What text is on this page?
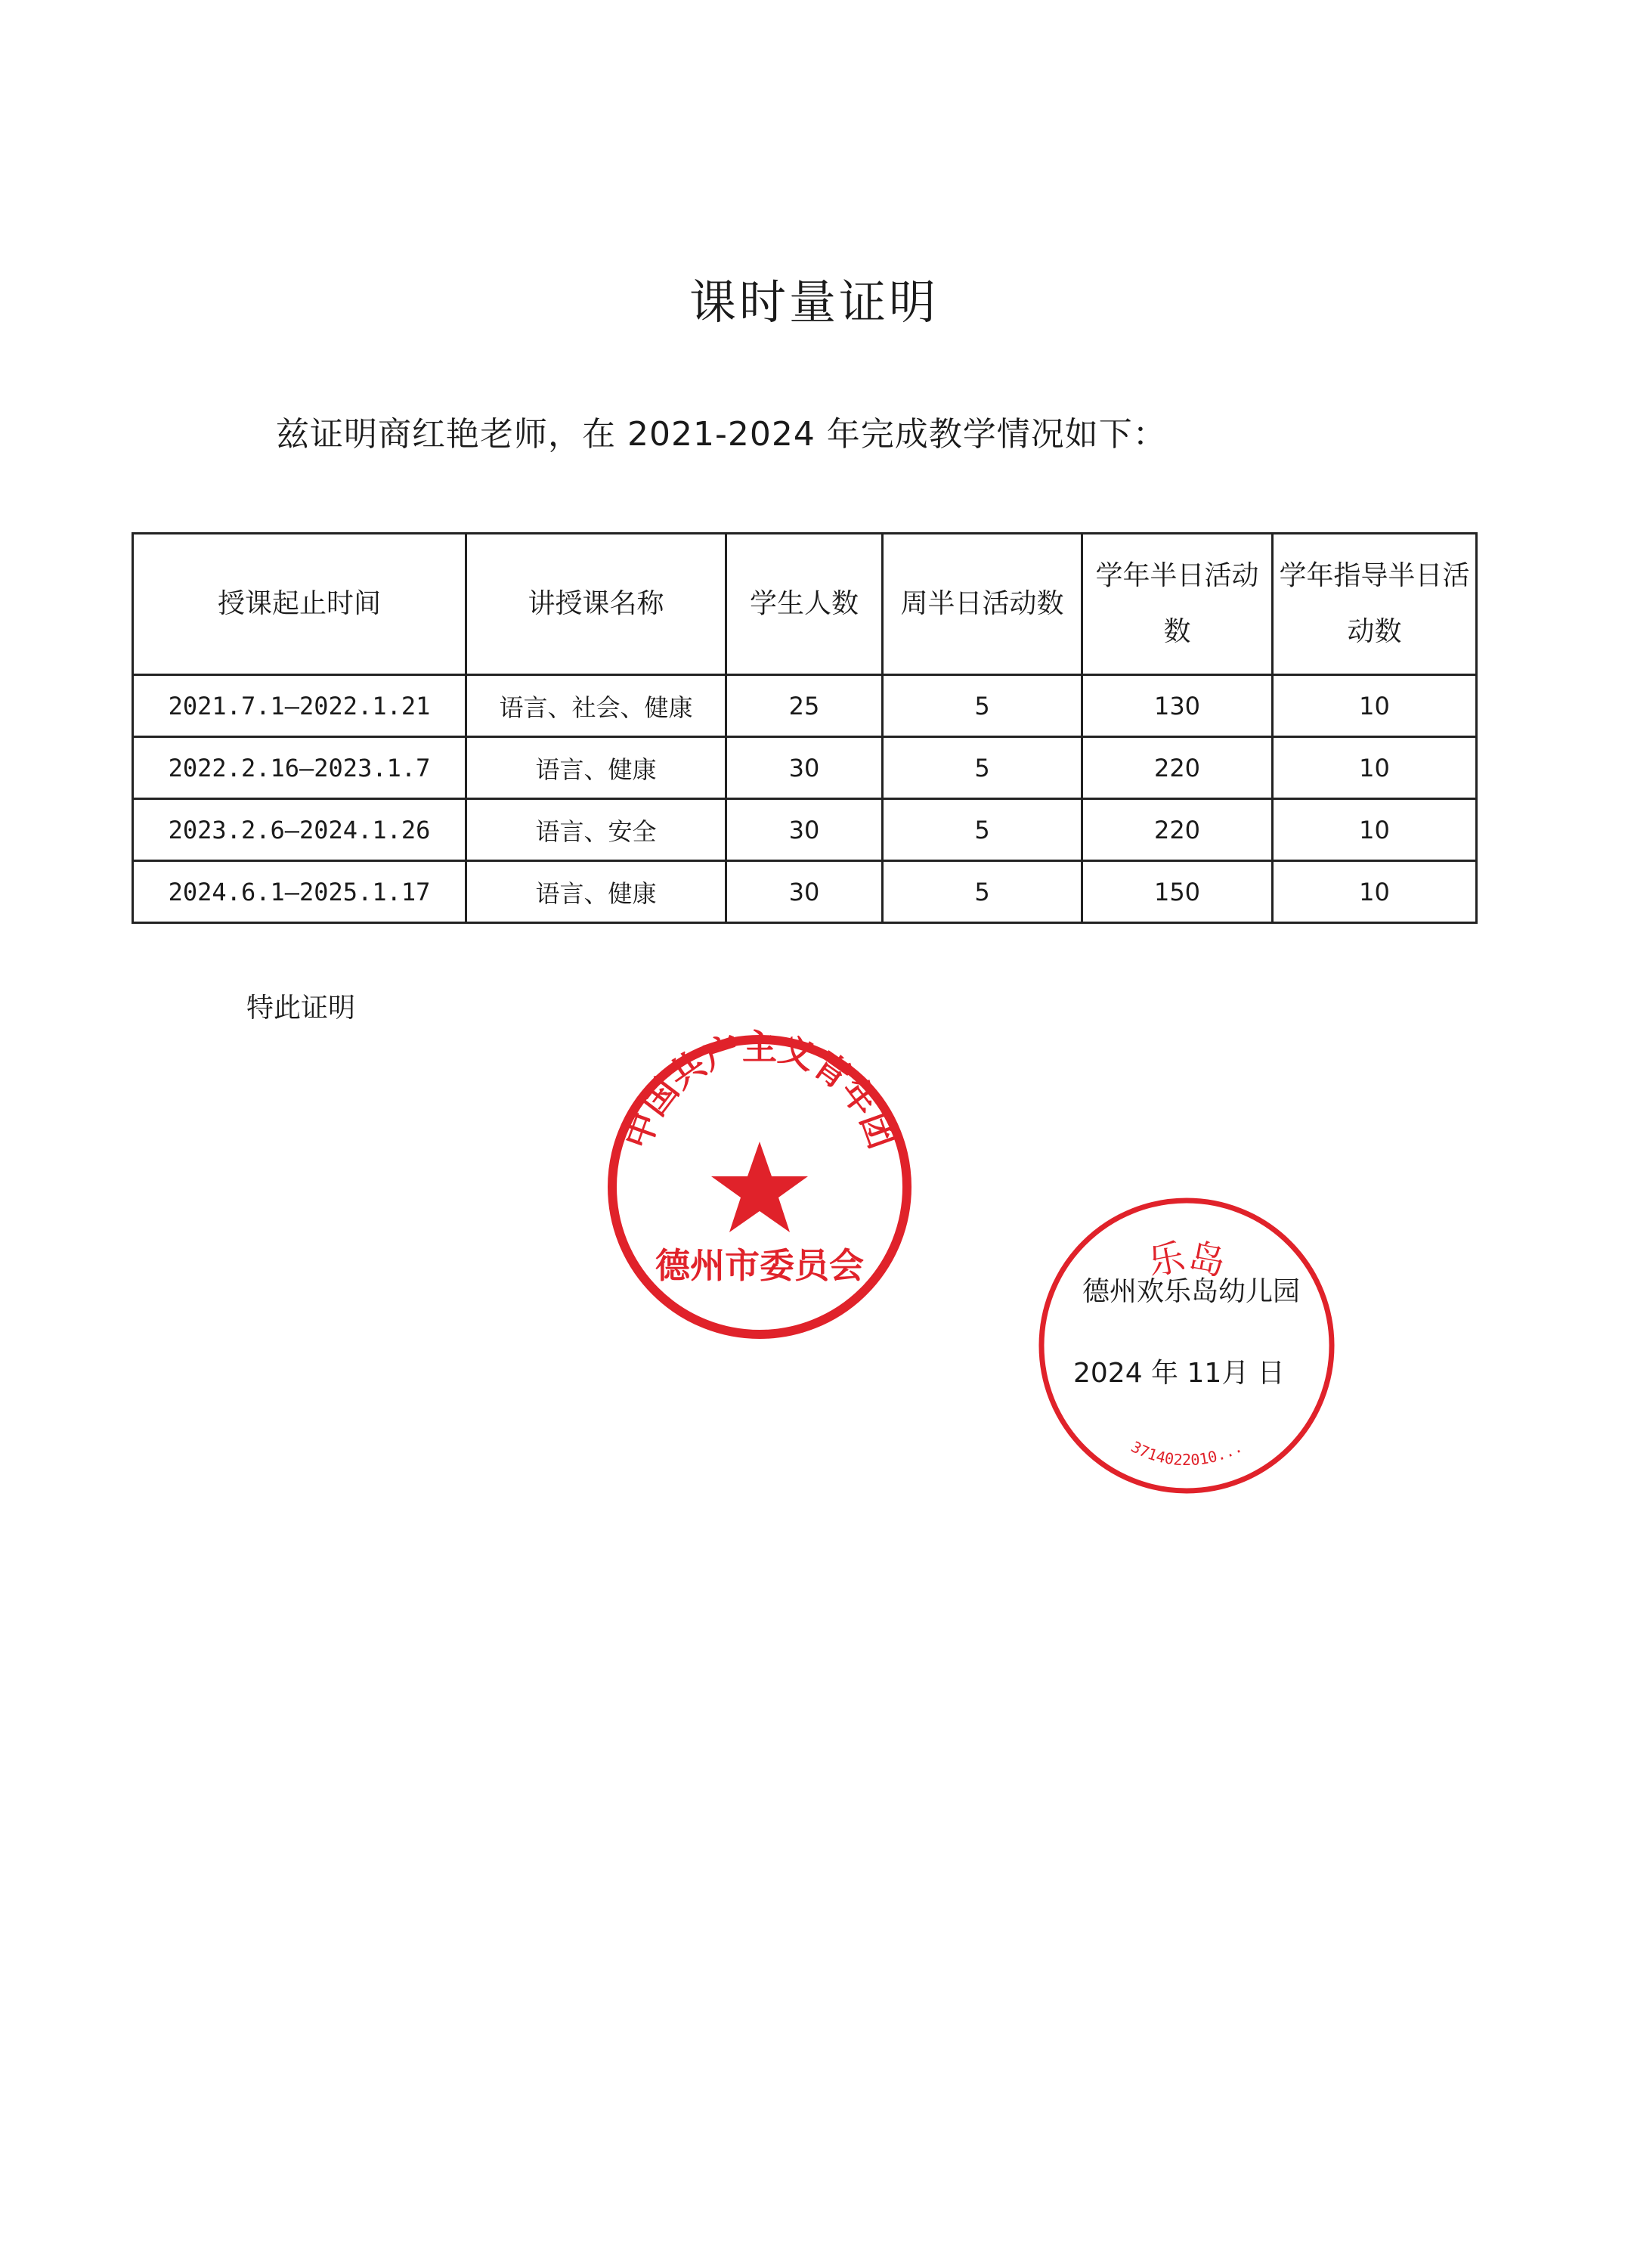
课时量证明
兹证明商红艳老师，在 2021-2024 年完成教学情况如下：
授课起止时间	讲授课名称	学生人数	周半日活动数	学年半日活动数	学年指导半日活动数
2021.7.1—2022.1.21	语言、社会、健康	25	5	130	10
2022.2.16—2023.1.7	语言、健康	30	5	220	10
2023.2.6—2024.1.26	语言、安全	30	5	220	10
2024.6.1—2025.1.17	语言、健康	30	5	150	10
特此证明
中国共产主义青年团
德州市委员会	乐岛
3714022010...
德州欢乐岛幼儿园
2024 年 11月 日
